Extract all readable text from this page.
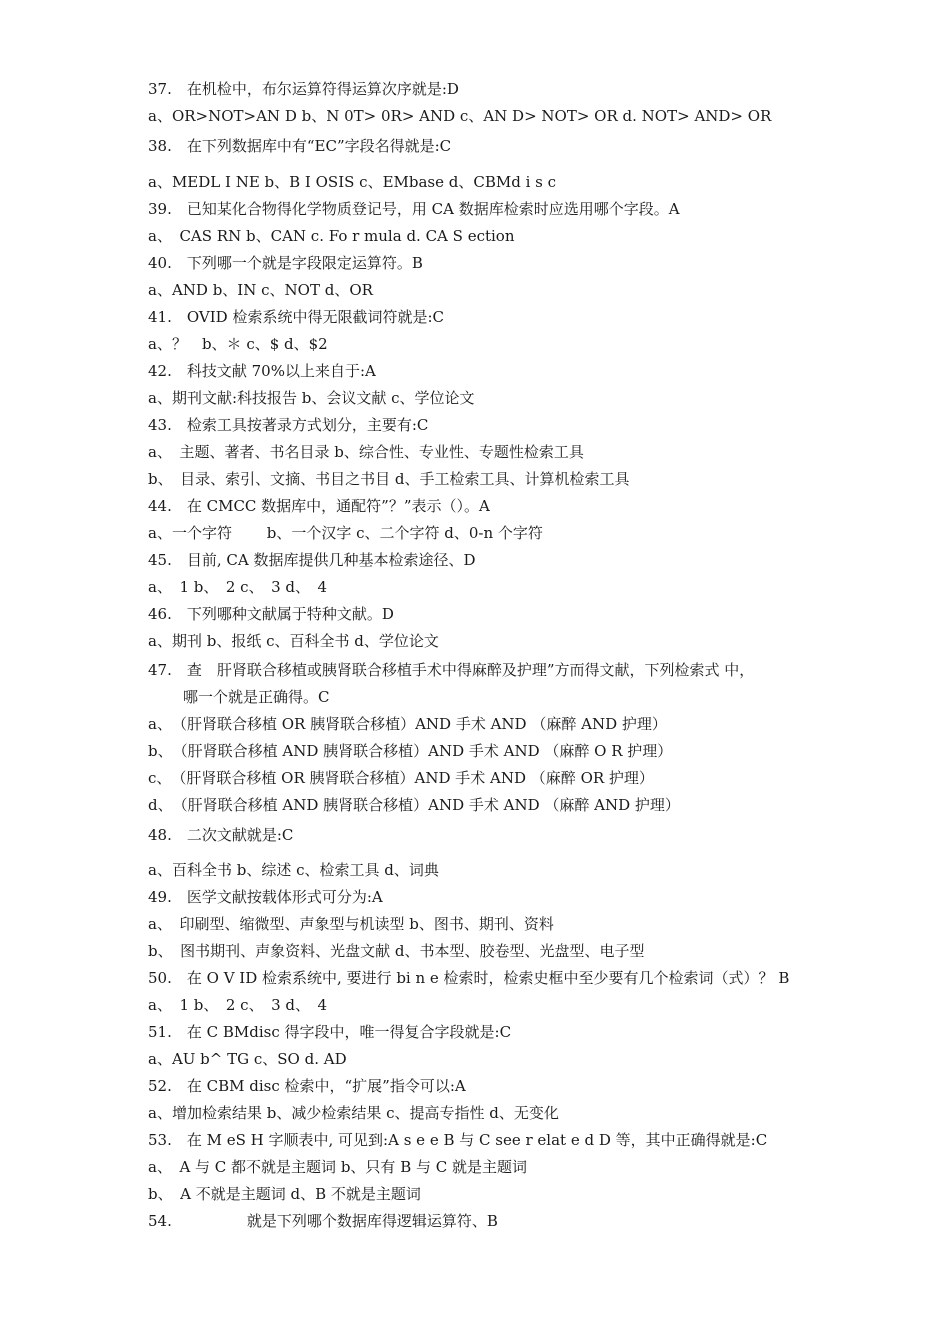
37.　在机检中，布尔运算符得运算次序就是:D
a、OR>NOT>AN D b、N 0T> 0R> AND c、AN D> NOT> OR d. NOT> AND> OR
38.　在下列数据库中有“EC”字段名得就是:C
a、MEDL I NE b、B I OSIS c、EMbase d、CBMd i s c
39.　已知某化合物得化学物质登记号，用 CA 数据库检索时应选用哪个字段。A
a、　CAS RN b、CAN c. Fo r mula d. CA S ection
40.　下列哪一个就是字段限定运算符。B
a、AND b、IN c、NOT d、OR
41.　OVID 检索系统中得无限截词符就是:C
a、？　b、＊ c、$ d、$2
42.　科技文献 70%以上来自于:A
a、期刊文献:科技报告 b、会议文献 c、学位论文
43.　检索工具按著录方式划分，主要有:C
a、　主题、著者、书名目录 b、综合性、专业性、专题性检索工具
b、　目录、索引、文摘、书目之书目 d、手工检索工具、计算机检索工具
44.　在 CMCC 数据库中，通配符”？”表示（）。A
a、一个字符　　 b、一个汉字 c、二个字符 d、0-n 个字符
45.　目前, CA 数据库提供几种基本检索途径、D
a、　1 b、　2 c、　3 d、　4
46.　下列哪种文献属于特种文献。D
a、期刊 b、报纸 c、百科全书 d、学位论文
47.　查　肝肾联合移植或胰肾联合移植手术中得麻醉及护理”方而得文献，下列检索式 中，
哪一个就是正确得。C
a、　（肝肾联合移植 OR 胰肾联合移植）AND 手术 AND （麻醉 AND 护理）
b、　（肝肾联合移植 AND 胰肾联合移植）AND 手术 AND （麻醉 O R 护理）
c、　（肝肾联合移植 OR 胰肾联合移植）AND 手术 AND （麻醉 OR 护理）
d、　（肝肾联合移植 AND 胰肾联合移植）AND 手术 AND （麻醉 AND 护理）
48.　二次文献就是:C
a、百科全书 b、综述 c、检索工具 d、词典
49.　医学文献按载体形式可分为:A
a、　印刷型、缩微型、声象型与机读型 b、图书、期刊、资料
b、　图书期刊、声象资料、光盘文献 d、书本型、胶卷型、光盘型、电子型
50.　在 O V ID 检索系统中, 要进行 bi n e 检索时，检索史框中至少要有几个检索词（式）？ B
a、　1 b、　2 c、　3 d、　4
51.　在 C BMdisc 得字段中，唯一得复合字段就是:C
a、AU b^ TG c、SO d. AD
52.　在 CBM disc 检索中，“扩展”指令可以:A
a、增加检索结果 b、减少检索结果 c、提高专指性 d、无变化
53.　在 M eS H 字顺表中, 可见到:A s e e B 与 C see r elat e d D 等，其中正确得就是:C
a、　A 与 C 都不就是主题词 b、只有 B 与 C 就是主题词
b、　A 不就是主题词 d、B 不就是主题词
54.　　　　　就是下列哪个数据库得逻辑运算符、B
